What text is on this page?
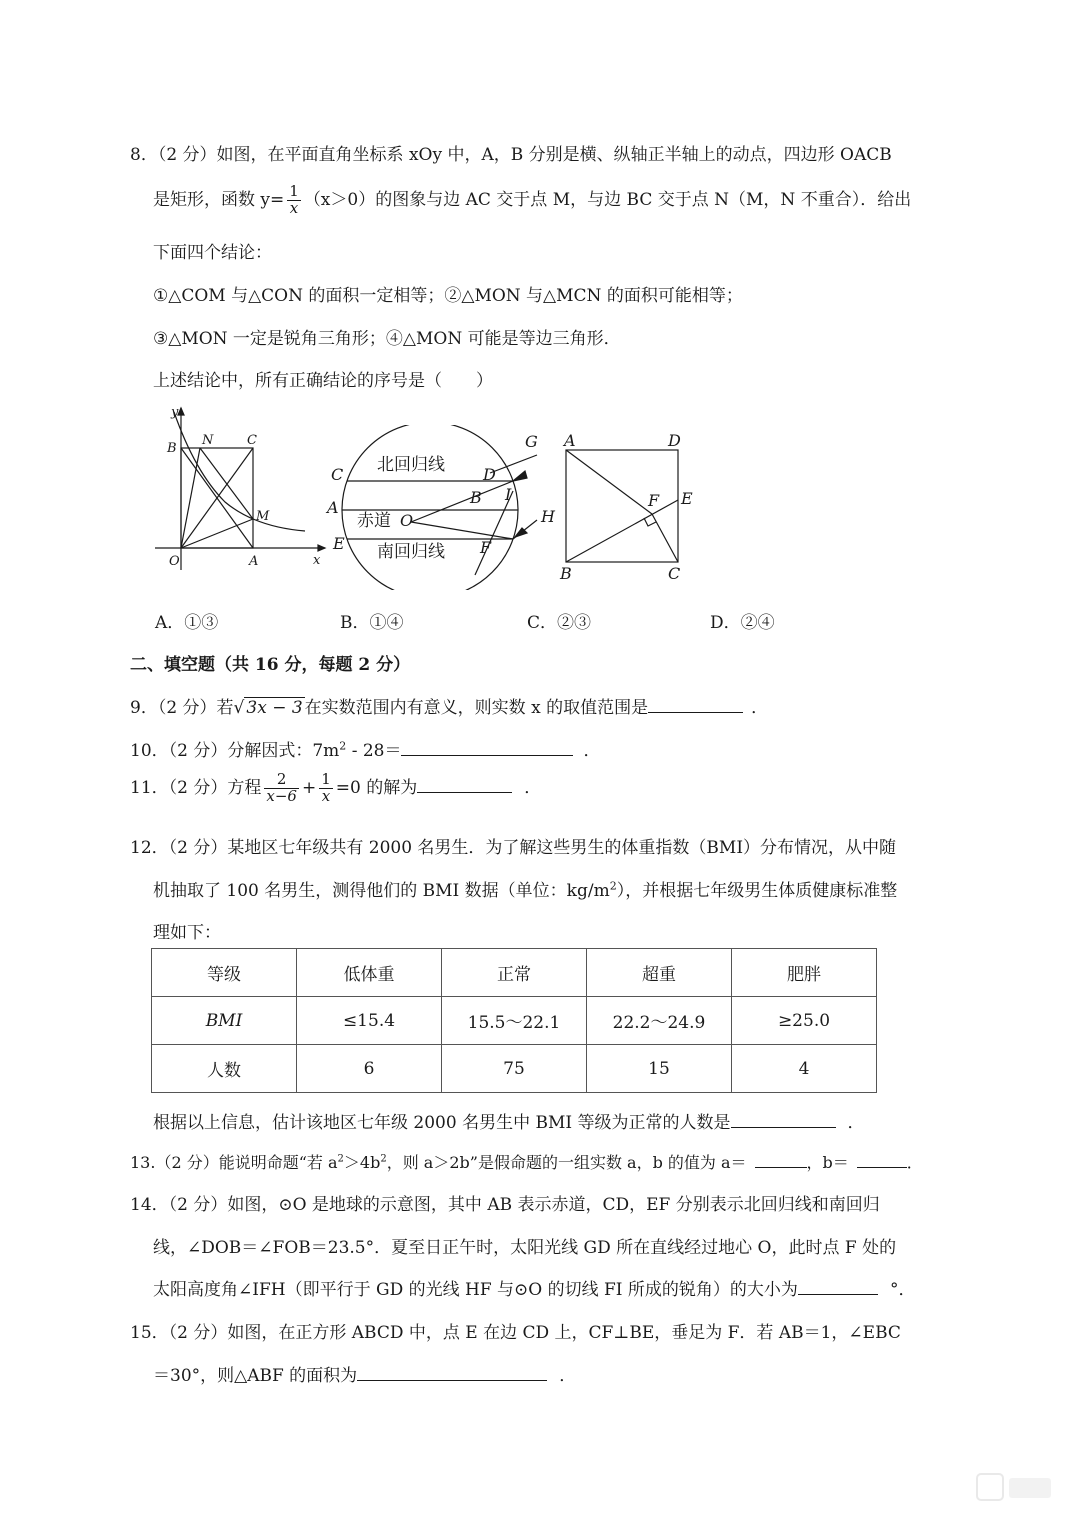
8．（2 分）如图，在平面直角坐标系 xOy 中，A，B 分别是横、纵轴正半轴上的动点，四边形 OACB
是矩形，函数 $y= \frac{1}{x} (x>0)$的图象与边 AC 交于点 M，与边 BC 交于点 N（M，N 不重合）．给出
下面四个结论：
①△COM 与△CON 的面积一定相等；②△MON 与△MCN 的面积可能相等；
③△MON 一定是锐角三角形；④△MON 可能是等边三角形．
上述结论中，所有正确结论的序号是（　　）
y
x
O	A
B
C
N
M
C	D
A
B
E	F
G
I
H
O
北回归线
赤道
南回归线
A	D
B	C
E
F
A．①③	B．①④	C．②③	D．②④
二、填空题（共 16 分，每题 2 分）
9．（2 分）若√ 3x − 3 在实数范围内有意义，则实数 x 的取值范围是	．
10．（2 分）分解因式：$7m^2 - 28=$	．
11．（2 分）方程 $\frac{2}{x-6} + \frac{1}{x} =0$ 的解为	．
12．（2 分）某地区七年级共有 2000 名男生．为了解这些男生的体重指数（BMI）分布情况，从中随
机抽取了 100 名男生，测得他们的 BMI 数据（单位：$kg/m^2$），并根据七年级男生体质健康标准整
理如下：
等级	低体重	正常	超重	肥胖
BMI	≤15.4	15.5～22.1	22.2～24.9	≥25.0
人数	6	75	15	4
根据以上信息，估计该地区七年级 2000 名男生中 BMI 等级为正常的人数是	．
13.（2 分）能说明命题“若 $a^2>4b^2$，则 a＞2b”是假命题的一组实数 a，b 的值为 a＝	，b＝	．
14．（2 分）如图，⊙O 是地球的示意图，其中 AB 表示赤道，CD，EF 分别表示北回归线和南回归
线，∠DOB＝∠FOB＝23.5°．夏至日正午时，太阳光线 GD 所在直线经过地心 O，此时点 F 处的
太阳高度角∠IFH（即平行于 GD 的光线 HF 与⊙O 的切线 FI 所成的锐角）的大小为	°．
15．（2 分）如图，在正方形 ABCD 中，点 E 在边 CD 上，CF⊥BE，垂足为 F．若 AB＝1，∠EBC
＝30°，则△ABF 的面积为	．
